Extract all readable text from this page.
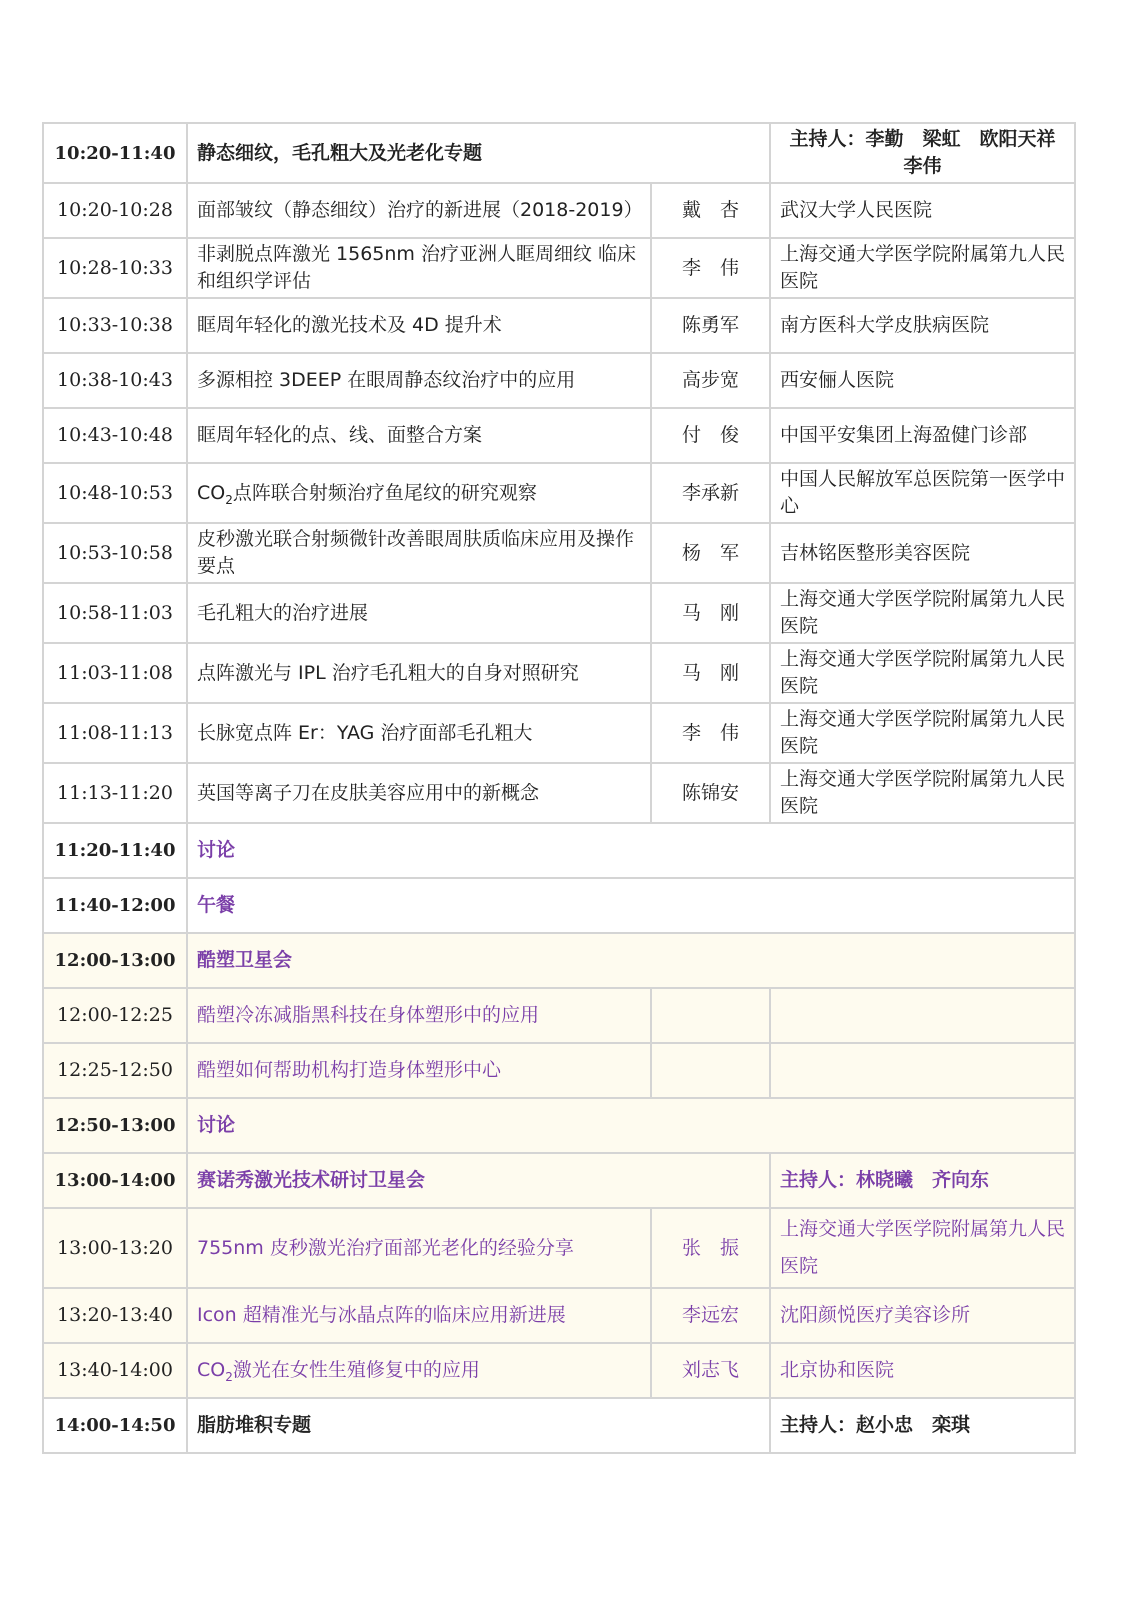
10:20-11:40	静态细纹，毛孔粗大及光老化专题		主持人：李勤　梁虹　欧阳天祥　李伟
10:20-10:28	面部皱纹（静态细纹）治疗的新进展（2018-2019）	戴　杏	武汉大学人民医院
10:28-10:33	非剥脱点阵激光 1565nm 治疗亚洲人眶周细纹 临床和组织学评估	李　伟	上海交通大学医学院附属第九人民医院
10:33-10:38	眶周年轻化的激光技术及 4D 提升术	陈勇军	南方医科大学皮肤病医院
10:38-10:43	多源相控 3DEEP 在眼周静态纹治疗中的应用	高步宽	西安俪人医院
10:43-10:48	眶周年轻化的点、线、面整合方案	付　俊	中国平安集团上海盈健门诊部
10:48-10:53	$CO_2$点阵联合射频治疗鱼尾纹的研究观察	李承新	中国人民解放军总医院第一医学中心
10:53-10:58	皮秒激光联合射频微针改善眼周肤质临床应用及操作要点	杨　军	吉林铭医整形美容医院
10:58-11:03	毛孔粗大的治疗进展	马　刚	上海交通大学医学院附属第九人民医院
11:03-11:08	点阵激光与 IPL 治疗毛孔粗大的自身对照研究	马　刚	上海交通大学医学院附属第九人民医院
11:08-11:13	长脉宽点阵 Er：YAG 治疗面部毛孔粗大	李　伟	上海交通大学医学院附属第九人民医院
11:13-11:20	英国等离子刀在皮肤美容应用中的新概念	陈锦安	上海交通大学医学院附属第九人民医院
11:20-11:40	讨论		
11:40-12:00	午餐		
12:00-13:00	酷塑卫星会		
12:00-12:25	酷塑冷冻减脂黑科技在身体塑形中的应用		
12:25-12:50	酷塑如何帮助机构打造身体塑形中心		
12:50-13:00	讨论		
13:00-14:00	赛诺秀激光技术研讨卫星会		主持人：林晓曦　齐向东
13:00-13:20	755nm 皮秒激光治疗面部光老化的经验分享	张　振	上海交通大学医学院附属第九人民医院
13:20-13:40	Icon 超精准光与冰晶点阵的临床应用新进展	李远宏	沈阳颜悦医疗美容诊所
13:40-14:00	$CO_2$激光在女性生殖修复中的应用	刘志飞	北京协和医院
14:00-14:50	脂肪堆积专题		主持人：赵小忠　栾琪
